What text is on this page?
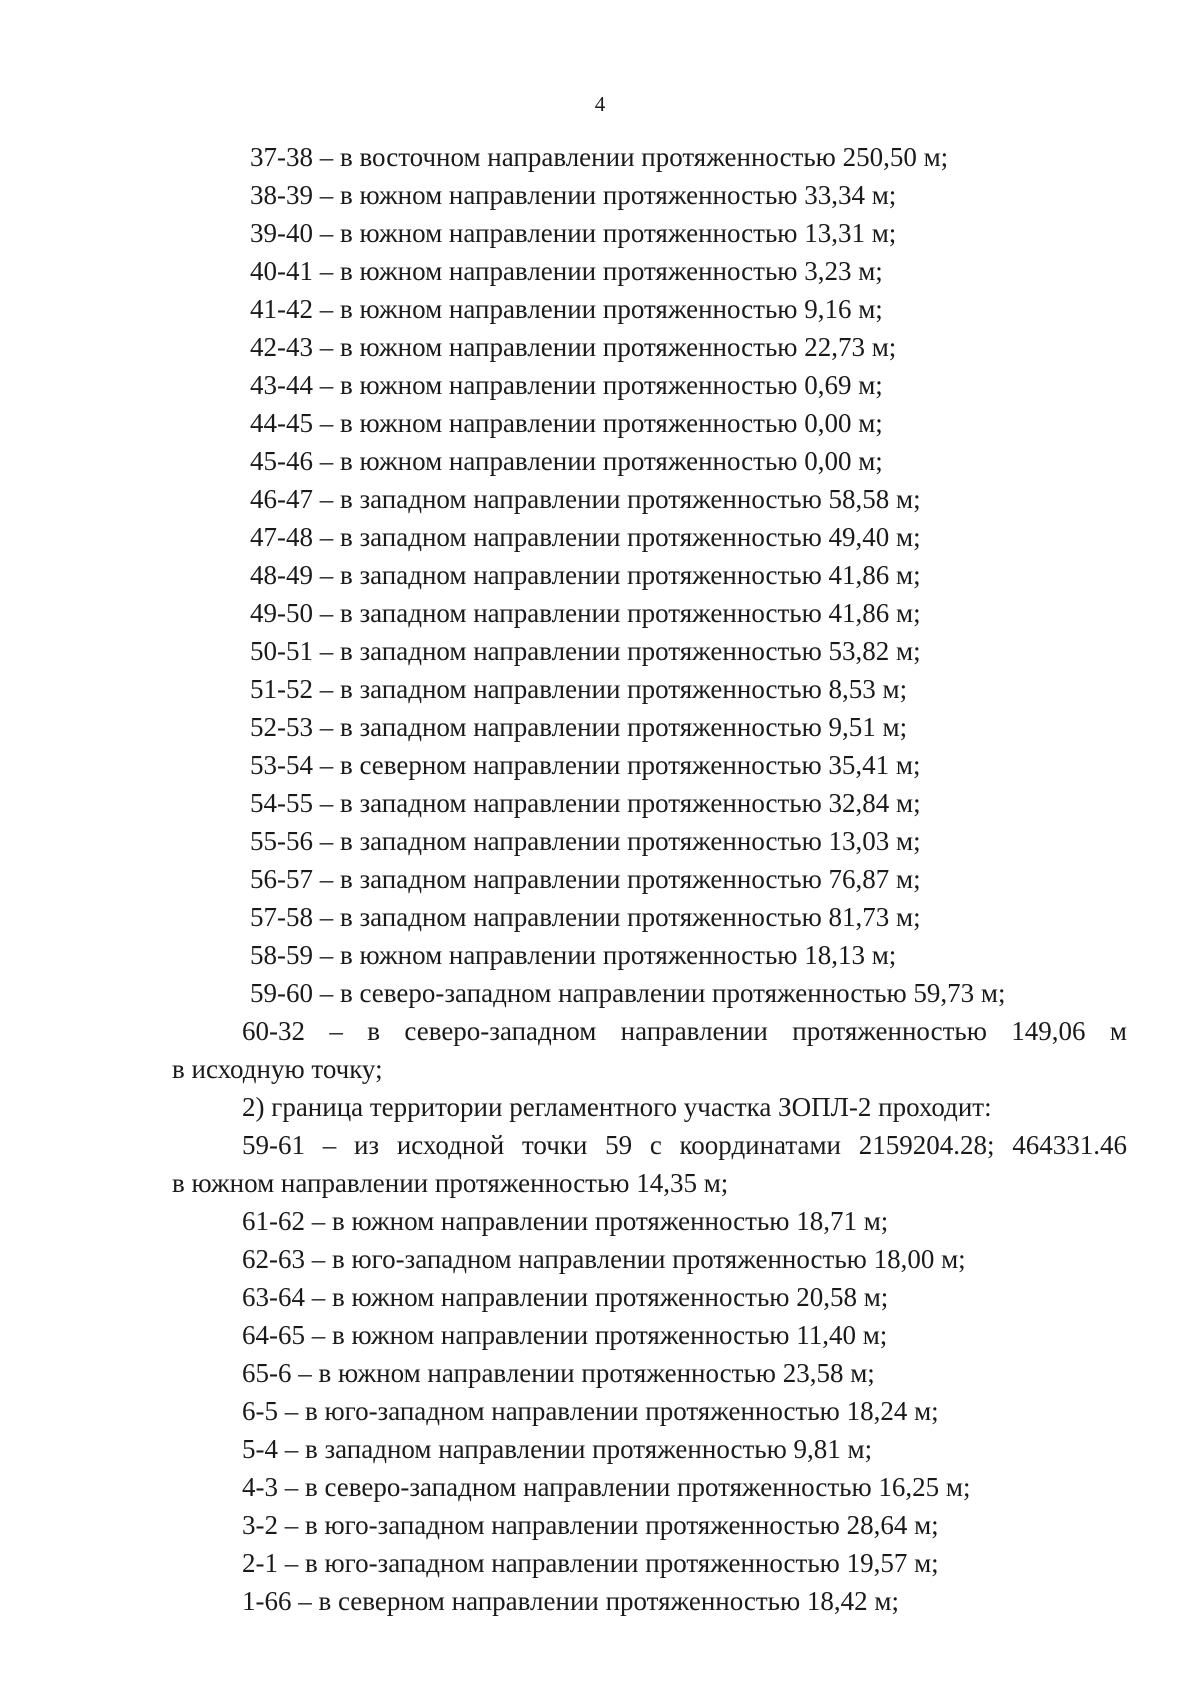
4
37-38 – в восточном направлении протяженностью 250,50 м;
38-39 – в южном направлении протяженностью 33,34 м;
39-40 – в южном направлении протяженностью 13,31 м;
40-41 – в южном направлении протяженностью 3,23 м;
41-42 – в южном направлении протяженностью 9,16 м;
42-43 – в южном направлении протяженностью 22,73 м;
43-44 – в южном направлении протяженностью 0,69 м;
44-45 – в южном направлении протяженностью 0,00 м;
45-46 – в южном направлении протяженностью 0,00 м;
46-47 – в западном направлении протяженностью 58,58 м;
47-48 – в западном направлении протяженностью 49,40 м;
48-49 – в западном направлении протяженностью 41,86 м;
49-50 – в западном направлении протяженностью 41,86 м;
50-51 – в западном направлении протяженностью 53,82 м;
51-52 – в западном направлении протяженностью 8,53 м;
52-53 – в западном направлении протяженностью 9,51 м;
53-54 – в северном направлении протяженностью 35,41 м;
54-55 – в западном направлении протяженностью 32,84 м;
55-56 – в западном направлении протяженностью 13,03 м;
56-57 – в западном направлении протяженностью 76,87 м;
57-58 – в западном направлении протяженностью 81,73 м;
58-59 – в южном направлении протяженностью 18,13 м;
59-60 – в северо-западном направлении протяженностью 59,73 м;
60-32 – в северо-западном направлении протяженностью 149,06 м
в исходную точку;
2) граница территории регламентного участка ЗОПЛ-2 проходит:
59-61 – из исходной точки 59 с координатами 2159204.28; 464331.46
в южном направлении протяженностью 14,35 м;
61-62 – в южном направлении протяженностью 18,71 м;
62-63 – в юго-западном направлении протяженностью 18,00 м;
63-64 – в южном направлении протяженностью 20,58 м;
64-65 – в южном направлении протяженностью 11,40 м;
65-6 – в южном направлении протяженностью 23,58 м;
6-5 – в юго-западном направлении протяженностью 18,24 м;
5-4 – в западном направлении протяженностью 9,81 м;
4-3 – в северо-западном направлении протяженностью 16,25 м;
3-2 – в юго-западном направлении протяженностью 28,64 м;
2-1 – в юго-западном направлении протяженностью 19,57 м;
1-66 – в северном направлении протяженностью 18,42 м;
